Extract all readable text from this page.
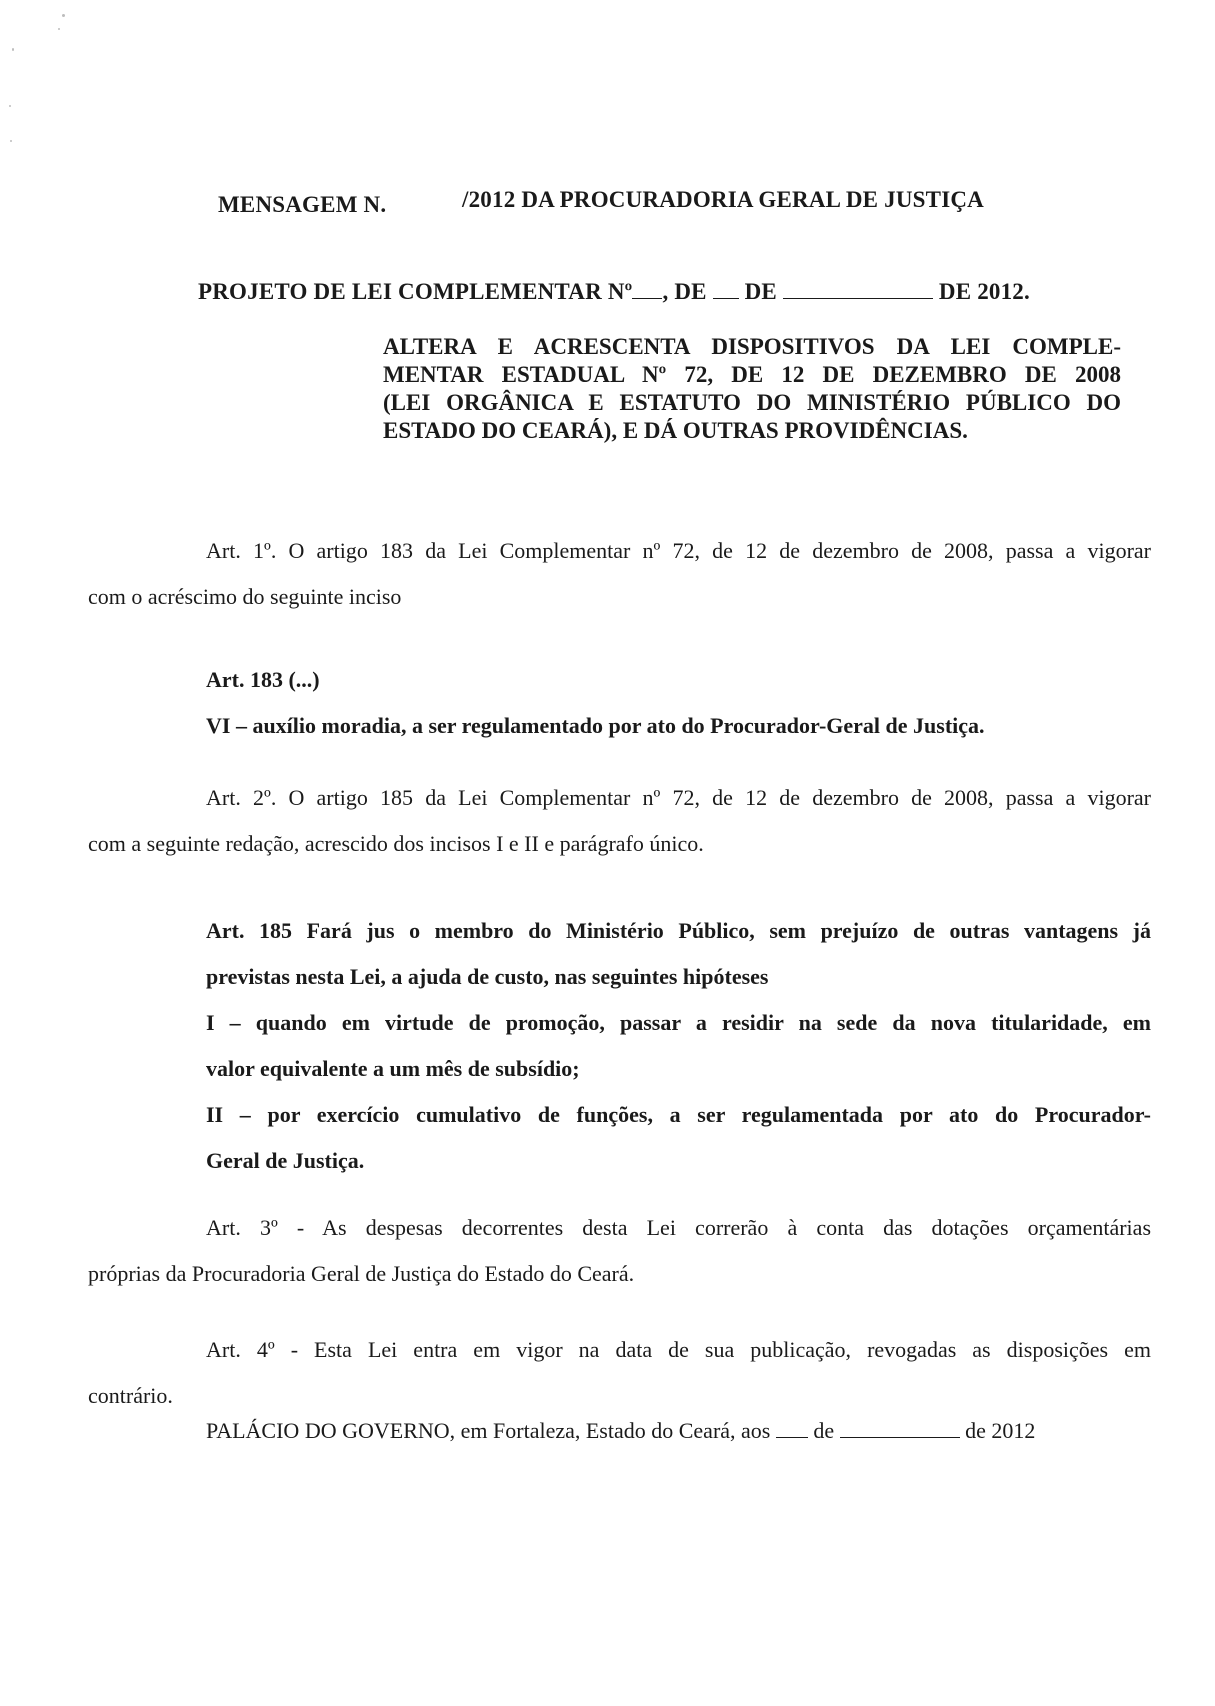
MENSAGEM N.	/2012 DA PROCURADORIA GERAL DE JUSTIÇA
PROJETO DE LEI COMPLEMENTAR Nº , DE DE	DE 2012.
ALTERA E ACRESCENTA DISPOSITIVOS DA LEI COMPLE-
MENTAR ESTADUAL Nº 72, DE 12 DE DEZEMBRO DE 2008
(LEI ORGÂNICA E ESTATUTO DO MINISTÉRIO PÚBLICO DO
ESTADO DO CEARÁ), E DÁ OUTRAS PROVIDÊNCIAS.
Art. 1º. O artigo 183 da Lei Complementar nº 72, de 12 de dezembro de 2008, passa a vigorar
com o acréscimo do seguinte inciso
Art. 183 (...)
VI – auxílio moradia, a ser regulamentado por ato do Procurador-Geral de Justiça.
Art. 2º. O artigo 185 da Lei Complementar nº 72, de 12 de dezembro de 2008, passa a vigorar
com a seguinte redação, acrescido dos incisos I e II e parágrafo único.
Art. 185 Fará jus o membro do Ministério Público, sem prejuízo de outras vantagens já
previstas nesta Lei, a ajuda de custo, nas seguintes hipóteses
I – quando em virtude de promoção, passar a residir na sede da nova titularidade, em
valor equivalente a um mês de subsídio;
II – por exercício cumulativo de funções, a ser regulamentada por ato do Procurador-
Geral de Justiça.
Art. 3º - As despesas decorrentes desta Lei correrão à conta das dotações orçamentárias
próprias da Procuradoria Geral de Justiça do Estado do Ceará.
Art. 4º - Esta Lei entra em vigor na data de sua publicação, revogadas as disposições em
contrário.
PALÁCIO DO GOVERNO, em Fortaleza, Estado do Ceará, aos de	de 2012
